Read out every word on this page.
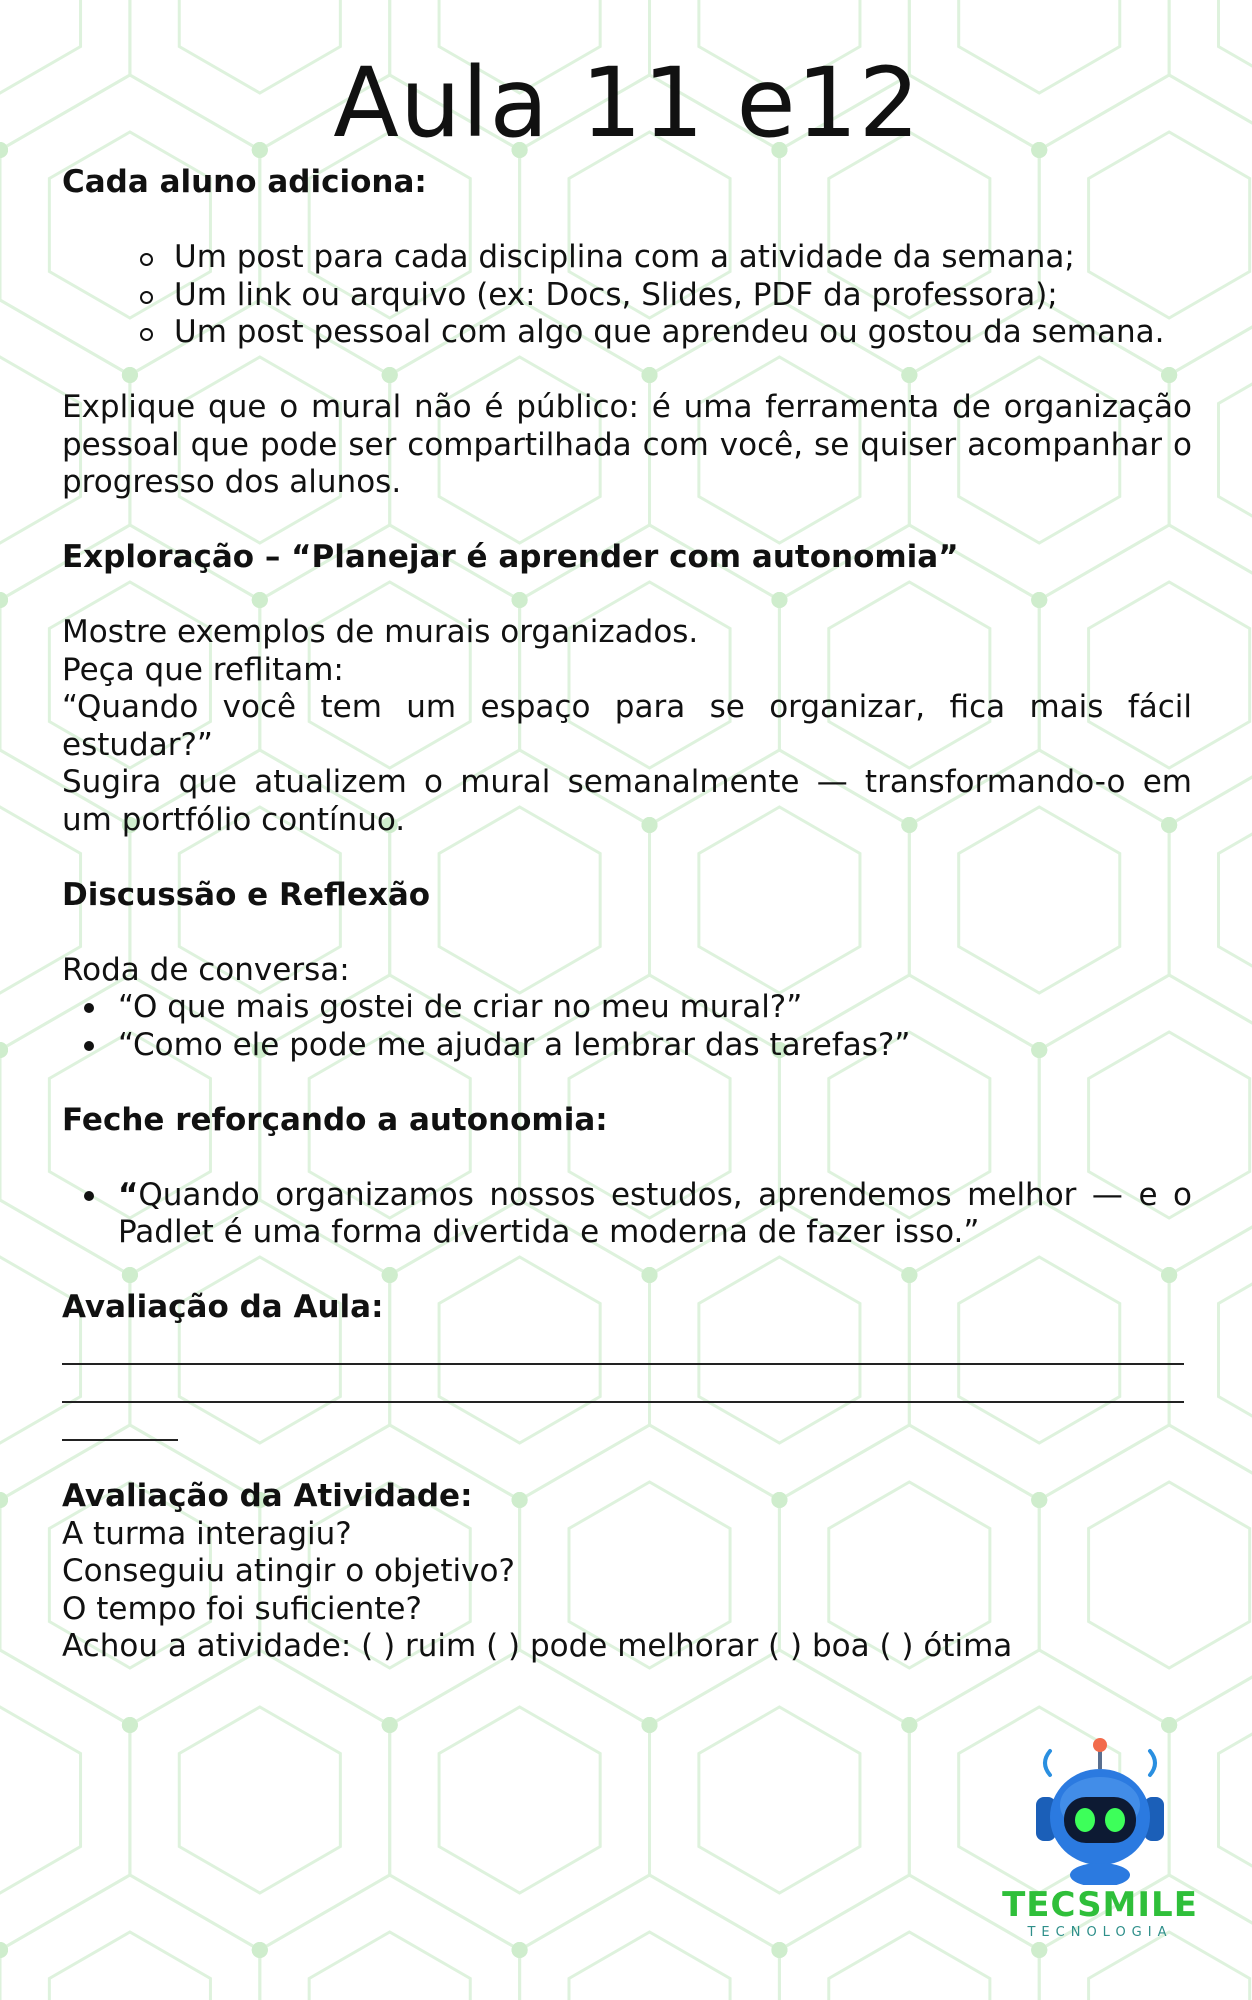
Aula 11 e12

Cada aluno adiciona:

Um post para cada disciplina com a atividade da semana;
Um link ou arquivo (ex: Docs, Slides, PDF da professora);
Um post pessoal com algo que aprendeu ou gostou da semana.

Explique que o mural não é público: é uma ferramenta de organização pessoal que pode ser compartilhada com você, se quiser acompanhar o progresso dos alunos.

Exploração – “Planejar é aprender com autonomia”

Mostre exemplos de murais organizados.

Peça que reflitam:

“Quando você tem um espaço para se organizar, fica mais fácil estudar?”

Sugira que atualizem o mural semanalmente — transformando-o em um portfólio contínuo.

Discussão e Reflexão

Roda de conversa:

“O que mais gostei de criar no meu mural?”
“Como ele pode me ajudar a lembrar das tarefas?”

Feche reforçando a autonomia:

“Quando organizamos nossos estudos, aprendemos melhor — e o Padlet é uma forma divertida e moderna de fazer isso.”

Avaliação da Aula:

Avaliação da Atividade:

A turma interagiu?

Conseguiu atingir o objetivo?

O tempo foi suficiente?

Achou a atividade: ( ) ruim ( ) pode melhorar ( ) boa ( ) ótima

TECSMILE
TECNOLOGIA
